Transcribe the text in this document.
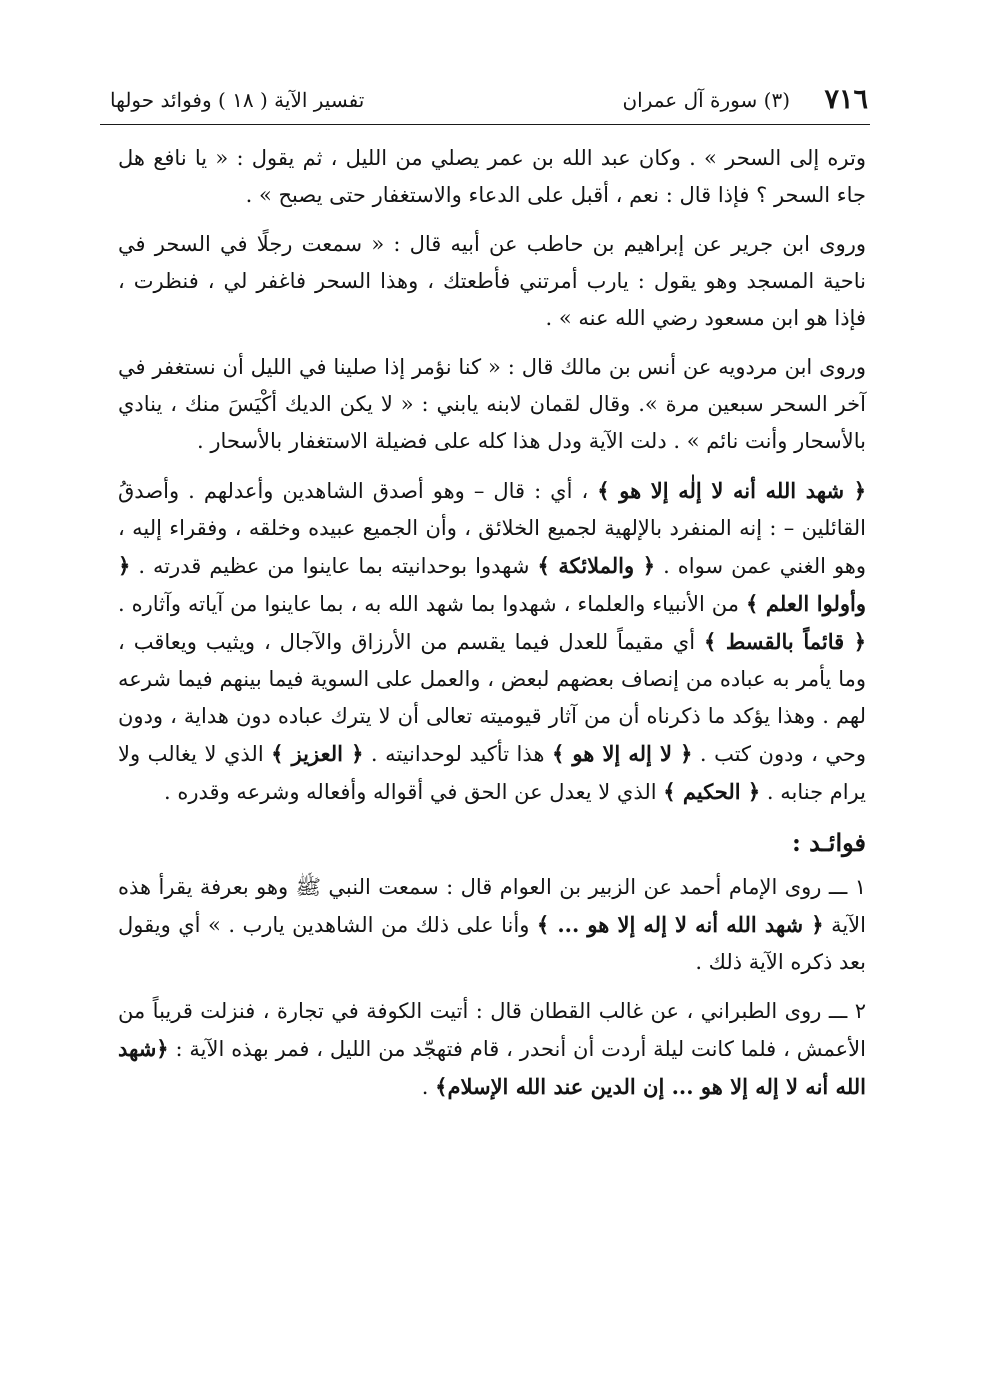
٧١٦
(٣) سورة آل عمران
تفسير الآية ( ١٨ ) وفوائد حولها

وتره إلى السحر » . وكان عبد الله بن عمر يصلي من الليل ، ثم يقول : « يا نافع هل جاء السحر ؟ فإذا قال : نعم ، أقبل على الدعاء والاستغفار حتى يصبح » .

وروى ابن جرير عن إبراهيم بن حاطب عن أبيه قال : « سمعت رجلًا في السحر في ناحية المسجد وهو يقول : يارب أمرتني فأطعتك ، وهذا السحر فاغفر لي ، فنظرت ، فإذا هو ابن مسعود رضي الله عنه » .

وروى ابن مردويه عن أنس بن مالك قال : « كنا نؤمر إذا صلينا في الليل أن نستغفر في آخر السحر سبعين مرة ». وقال لقمان لابنه يابني : « لا يكن الديك أكْيَسَ منك ، ينادي بالأسحار وأنت نائم » . دلت الآية ودل هذا كله على فضيلة الاستغفار بالأسحار .

﴿ شهد الله أنه لا إلٰه إلا هو ﴾ ، أي : قال – وهو أصدق الشاهدين وأعدلهم . وأصدقُ القائلين – : إنه المنفرد بالإلهية لجميع الخلائق ، وأن الجميع عبيده وخلقه ، وفقراء إليه ، وهو الغني عمن سواه . ﴿ والملائكة ﴾ شهدوا بوحدانيته بما عاينوا من عظيم قدرته . ﴿ وأولوا العلم ﴾ من الأنبياء والعلماء ، شهدوا بما شهد الله به ، بما عاينوا من آياته وآثاره . ﴿ قائماً بالقسط ﴾ أي مقيماً للعدل فيما يقسم من الأرزاق والآجال ، ويثيب ويعاقب ، وما يأمر به عباده من إنصاف بعضهم لبعض ، والعمل على السوية فيما بينهم فيما شرعه لهم . وهذا يؤكد ما ذكرناه أن من آثار قيوميته تعالى أن لا يترك عباده دون هداية ، ودون وحي ، ودون كتب . ﴿ لا إله إلا هو ﴾ هذا تأكيد لوحدانيته . ﴿ العزيز ﴾ الذي لا يغالب ولا يرام جنابه . ﴿ الحكيم ﴾ الذي لا يعدل عن الحق في أقواله وأفعاله وشرعه وقدره .

فوائـد :

١ ـــ روى الإمام أحمد عن الزبير بن العوام قال : سمعت النبي ﷺ وهو بعرفة يقرأ هذه الآية ﴿ شهد الله أنه لا إله إلا هو ... ﴾ وأنا على ذلك من الشاهدين يارب . » أي ويقول بعد ذكره الآية ذلك .

٢ ـــ روى الطبراني ، عن غالب القطان قال : أتيت الكوفة في تجارة ، فنزلت قريباً من الأعمش ، فلما كانت ليلة أردت أن أنحدر ، قام فتهجّد من الليل ، فمر بهذه الآية : ﴿شهد الله أنه لا إله إلا هو ... إن الدين عند الله الإسلام﴾ .
